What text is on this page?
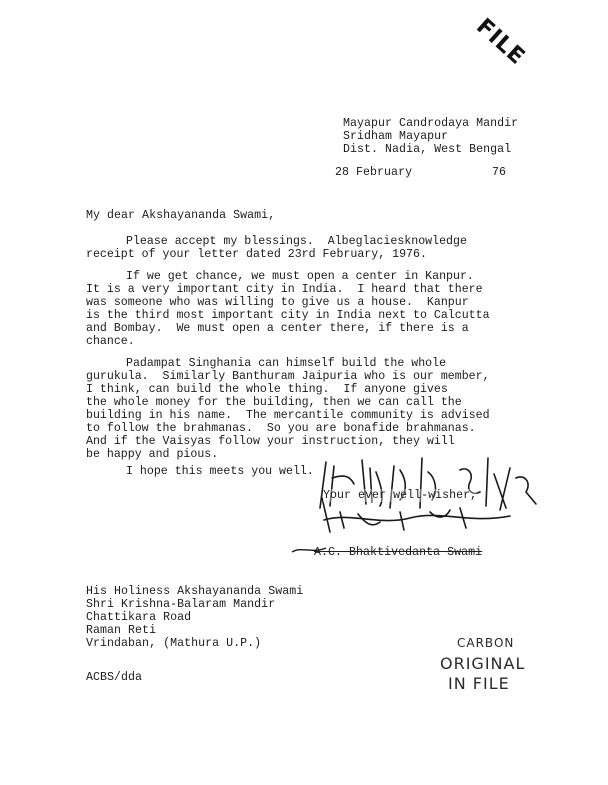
FILE
Mayapur Candrodaya Mandir
Sridham Mayapur
Dist. Nadia, West Bengal
28 February	76
My dear Akshayananda Swami,
Please accept my blessings.  Albeglaciesknowledge
receipt of your letter dated 23rd February, 1976.
If we get chance, we must open a center in Kanpur.
It is a very important city in India.  I heard that there
was someone who was willing to give us a house.  Kanpur
is the third most important city in India next to Calcutta
and Bombay.  We must open a center there, if there is a
chance.
Padampat Singhania can himself build the whole
gurukula.  Similarly Banthuram Jaipuria who is our member,
I think, can build the whole thing.  If anyone gives
the whole money for the building, then we can call the
building in his name.  The mercantile community is advised
to follow the brahmanas.  So you are bonafide brahmanas.
And if the Vaisyas follow your instruction, they will
be happy and pious.
I hope this meets you well.
Your ever well-wisher,
A.C. Bhaktivedanta Swami
His Holiness Akshayananda Swami
Shri Krishna-Balaram Mandir
Chattikara Road
Raman Reti
Vrindaban, (Mathura U.P.)
ACBS/dda
CARBON
ORIGINAL
IN FILE
